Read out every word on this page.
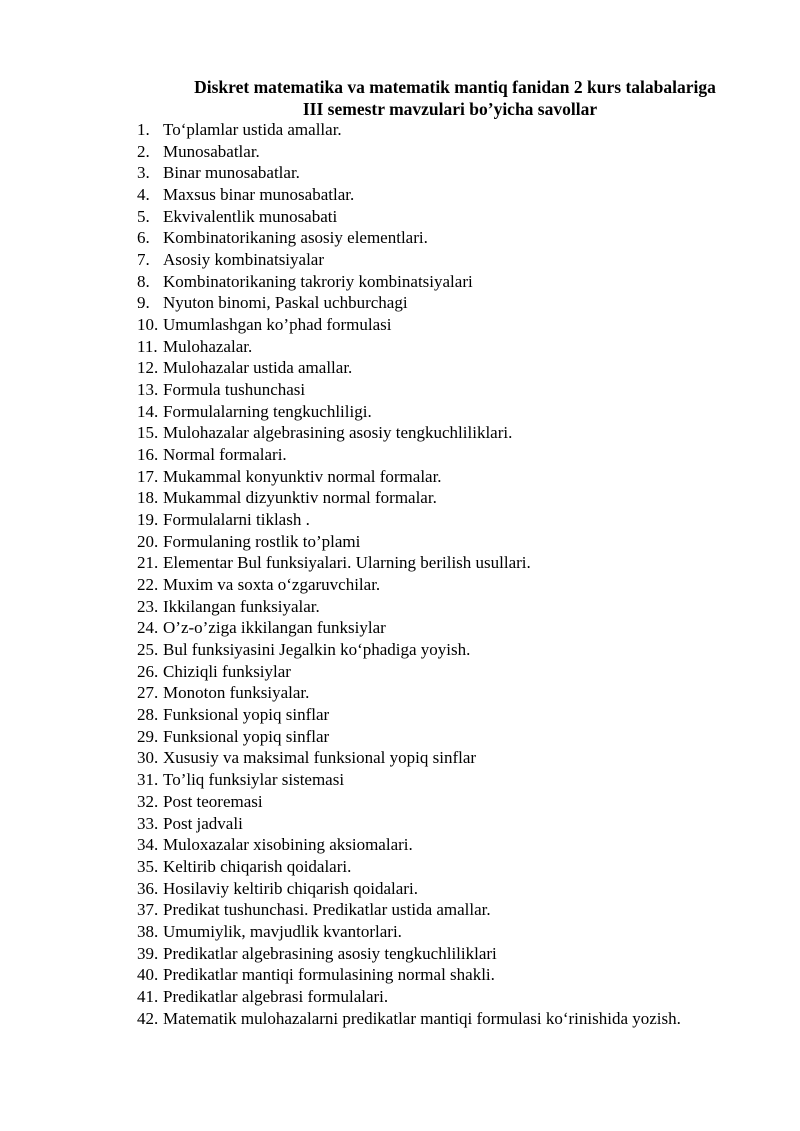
Diskret matematika va matematik mantiq fanidan 2 kurs talabalariga
III semestr mavzulari bo’yicha savollar
1. To‘plamlar ustida amallar.
2. Munosabatlar.
3. Binar munosabatlar.
4. Maxsus binar munosabatlar.
5. Ekvivalentlik munosabati
6. Kombinatorikaning asosiy elementlari.
7. Asosiy kombinatsiyalar
8. Kombinatorikaning takroriy kombinatsiyalari
9. Nyuton binomi, Paskal uchburchagi
10. Umumlashgan ko’phad formulasi
11. Mulohazalar.
12. Mulohazalar ustida amallar.
13. Formula tushunchasi
14. Formulalarning tengkuchliligi.
15. Mulohazalar algebrasining asosiy tengkuchliliklari.
16. Normal formalari.
17. Mukammal konyunktiv normal formalar.
18. Mukammal dizyunktiv normal formalar.
19. Formulalarni tiklash .
20. Formulaning rostlik to’plami
21. Elementar Bul funksiyalari. Ularning berilish usullari.
22. Muxim va soxta o‘zgaruvchilar.
23. Ikkilangan funksiyalar.
24. O’z-o’ziga ikkilangan funksiylar
25. Bul funksiyasini Jegalkin ko‘phadiga yoyish.
26. Chiziqli funksiylar
27. Monoton funksiyalar.
28. Funksional yopiq sinflar
29. Funksional yopiq sinflar
30. Xususiy va maksimal funksional yopiq sinflar
31. To’liq funksiylar sistemasi
32. Post teoremasi
33. Post jadvali
34. Muloxazalar xisobining aksiomalari.
35. Keltirib chiqarish qoidalari.
36. Hosilaviy keltirib chiqarish qoidalari.
37. Predikat tushunchasi. Predikatlar ustida amallar.
38. Umumiylik, mavjudlik kvantorlari.
39. Predikatlar algebrasining asosiy tengkuchliliklari
40. Predikatlar mantiqi formulasining normal shakli.
41. Predikatlar algebrasi formulalari.
42. Matematik mulohazalarni predikatlar mantiqi formulasi ko‘rinishida yozish.
